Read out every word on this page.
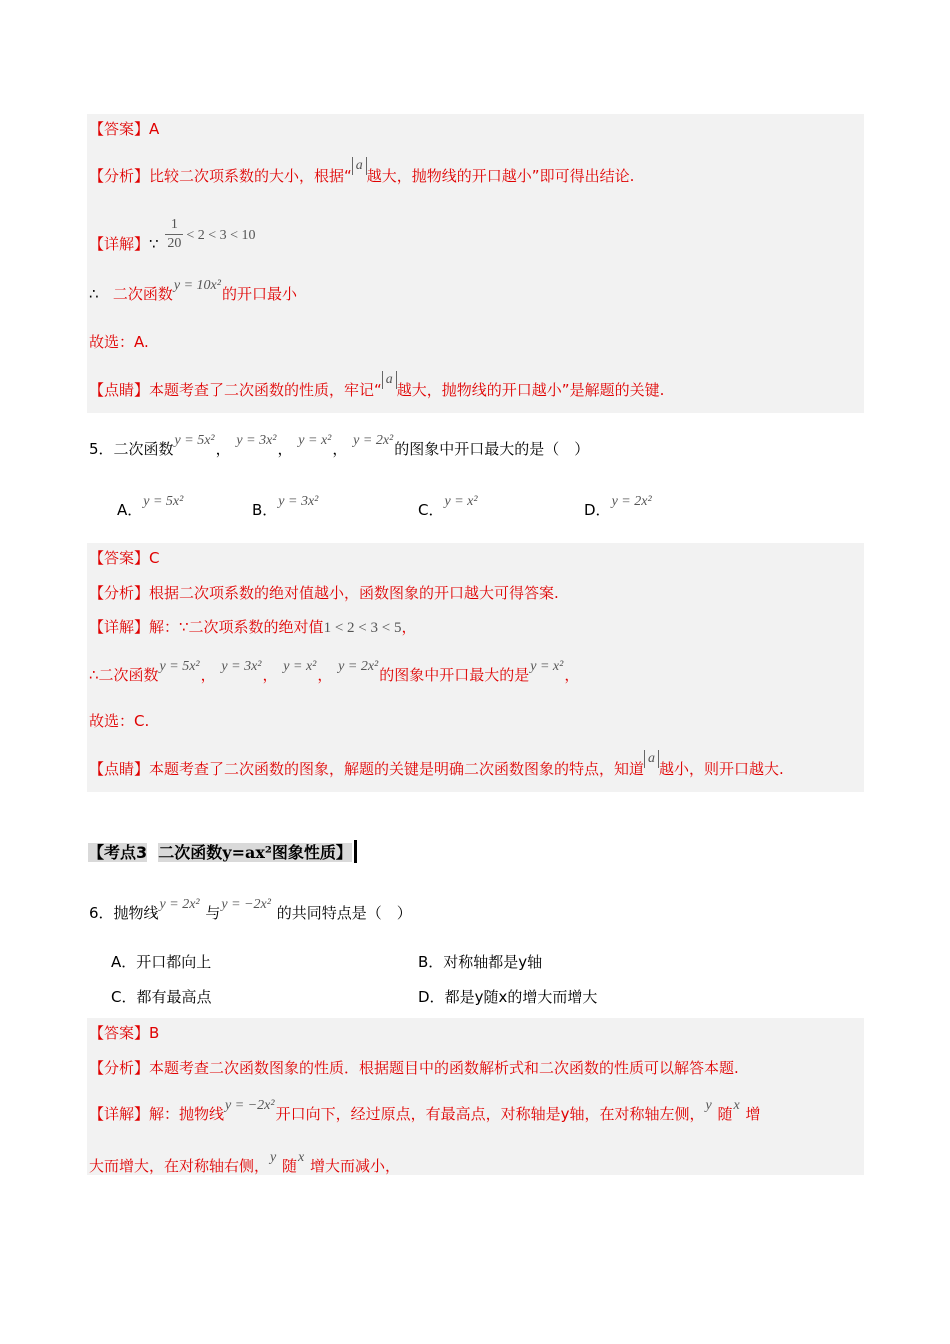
【答案】A
【分析】比较二次项系数的大小，根据“a越大，抛物线的开口越小”即可得出结论.
【详解】∵ $\frac{1}{20} < 2 < 3 < 10$
∴ 二次函数y = 10x²的开口最小
故选：A.
【点睛】本题考查了二次函数的性质，牢记“a越大，抛物线的开口越小”是解题的关键.
5．二次函数y = 5x²， y = 3x²， y = x²， y = 2x²的图象中开口最大的是（　）
A．y = 5x²	B．y = 3x²	C．y = x²	D．y = 2x²
【答案】C
【分析】根据二次项系数的绝对值越小，函数图象的开口越大可得答案.
【详解】解：∵二次项系数的绝对值1 < 2 < 3 < 5，
∴二次函数y = 5x²， y = 3x²， y = x²， y = 2x²的图象中开口最大的是y = x²，
故选：C.
【点睛】本题考查了二次函数的图象，解题的关键是明确二次函数图象的特点，知道a越小，则开口越大.
【考点3 二次函数y=ax²图象性质】
6．抛物线y = 2x² 与y = −2x² 的共同特点是（　）
A．开口都向上	B．对称轴都是y轴
C．都有最高点	D．都是y随x的增大而增大
【答案】B
【分析】本题考查二次函数图象的性质．根据题目中的函数解析式和二次函数的性质可以解答本题.
【详解】解：抛物线y = −2x²开口向下，经过原点，有最高点，对称轴是y轴，在对称轴左侧，y 随x 增
大而增大，在对称轴右侧，y 随x 增大而减小，
